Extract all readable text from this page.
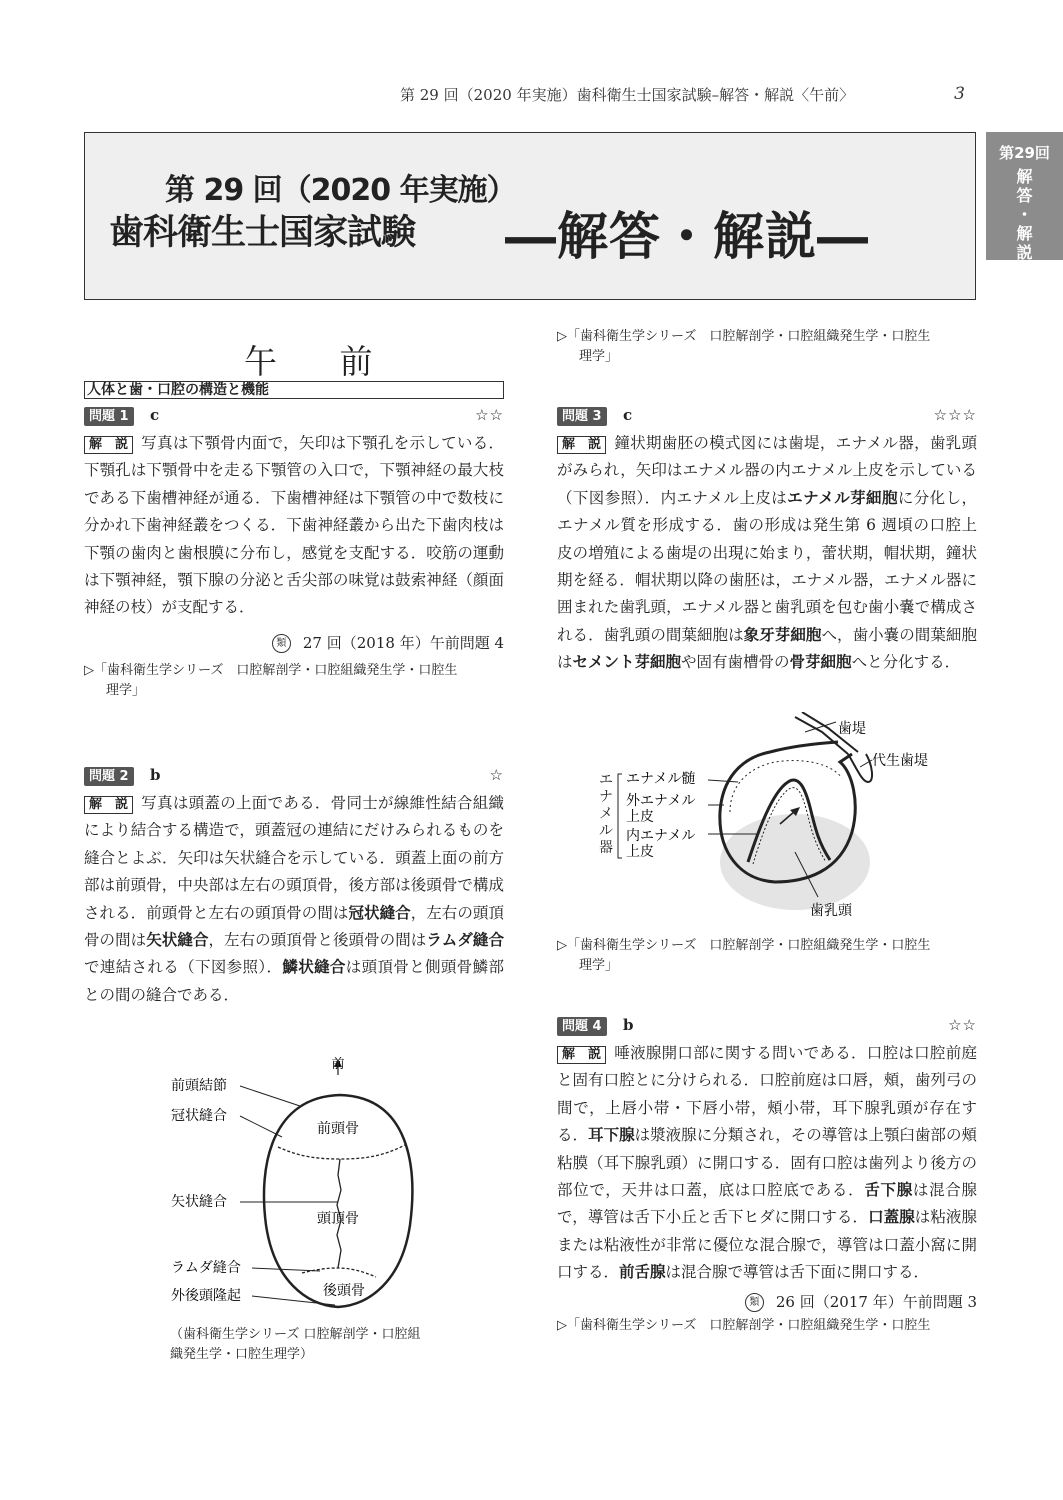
第 29 回（2020 年実施）歯科衛生士国家試験–解答・解説〈午前〉	3
第 29 回（2020 年実施）
歯科衛生士国家試験 ―解答・解説―
第29回
解
答
・
解
説
午 前
人体と歯・口腔の構造と機能
問題 1 c	☆☆
解　説 写真は下顎骨内面で，矢印は下顎孔を示している．下顎孔は下顎骨中を走る下顎管の入口で，下顎神経の最大枝である下歯槽神経が通る．下歯槽神経は下顎管の中で数枝に分かれ下歯神経叢をつくる．下歯神経叢から出た下歯肉枝は下顎の歯肉と歯根膜に分布し，感覚を支配する．咬筋の運動は下顎神経，顎下腺の分泌と舌尖部の味覚は鼓索神経（顔面神経の枝）が支配する．
類 27 回（2018 年）午前問題 4
▷「歯科衛生学シリーズ　口腔解剖学・口腔組織発生学・口腔生
理学」
問題 2 b	☆
解　説 写真は頭蓋の上面である．骨同士が線維性結合組織により結合する構造で，頭蓋冠の連結にだけみられるものを縫合とよぶ．矢印は矢状縫合を示している．頭蓋上面の前方部は前頭骨，中央部は左右の頭頂骨，後方部は後頭骨で構成される．前頭骨と左右の頭頂骨の間は冠状縫合，左右の頭頂骨の間は矢状縫合，左右の頭頂骨と後頭骨の間はラムダ縫合で連結される（下図参照）．鱗状縫合は頭頂骨と側頭骨鱗部との間の縫合である．
前
前頭結節
冠状縫合
矢状縫合
ラムダ縫合
外後頭隆起
前頭骨
頭頂骨
後頭骨
（歯科衛生学シリーズ 口腔解剖学・口腔組
織発生学・口腔生理学）
▷「歯科衛生学シリーズ　口腔解剖学・口腔組織発生学・口腔生
理学」
問題 3 c	☆☆☆
解　説 鐘状期歯胚の模式図には歯堤，エナメル器，歯乳頭がみられ，矢印はエナメル器の内エナメル上皮を示している（下図参照）．内エナメル上皮はエナメル芽細胞に分化し，エナメル質を形成する．歯の形成は発生第 6 週頃の口腔上皮の増殖による歯堤の出現に始まり，蕾状期，帽状期，鐘状期を経る．帽状期以降の歯胚は，エナメル器，エナメル器に囲まれた歯乳頭，エナメル器と歯乳頭を包む歯小嚢で構成される．歯乳頭の間葉細胞は象牙芽細胞へ，歯小嚢の間葉細胞はセメント芽細胞や固有歯槽骨の骨芽細胞へと分化する．
歯堤
代生歯堤
エナメル髄
外エナメル
上皮
内エナメル
上皮
歯乳頭
エナメル器
▷「歯科衛生学シリーズ　口腔解剖学・口腔組織発生学・口腔生
理学」
問題 4 b	☆☆
解　説 唾液腺開口部に関する問いである．口腔は口腔前庭と固有口腔とに分けられる．口腔前庭は口唇，頰，歯列弓の間で，上唇小帯・下唇小帯，頰小帯，耳下腺乳頭が存在する．耳下腺は漿液腺に分類され，その導管は上顎臼歯部の頰粘膜（耳下腺乳頭）に開口する．固有口腔は歯列より後方の部位で，天井は口蓋，底は口腔底である．舌下腺は混合腺で，導管は舌下小丘と舌下ヒダに開口する．口蓋腺は粘液腺または粘液性が非常に優位な混合腺で，導管は口蓋小窩に開口する．前舌腺は混合腺で導管は舌下面に開口する．
類 26 回（2017 年）午前問題 3
▷「歯科衛生学シリーズ　口腔解剖学・口腔組織発生学・口腔生
